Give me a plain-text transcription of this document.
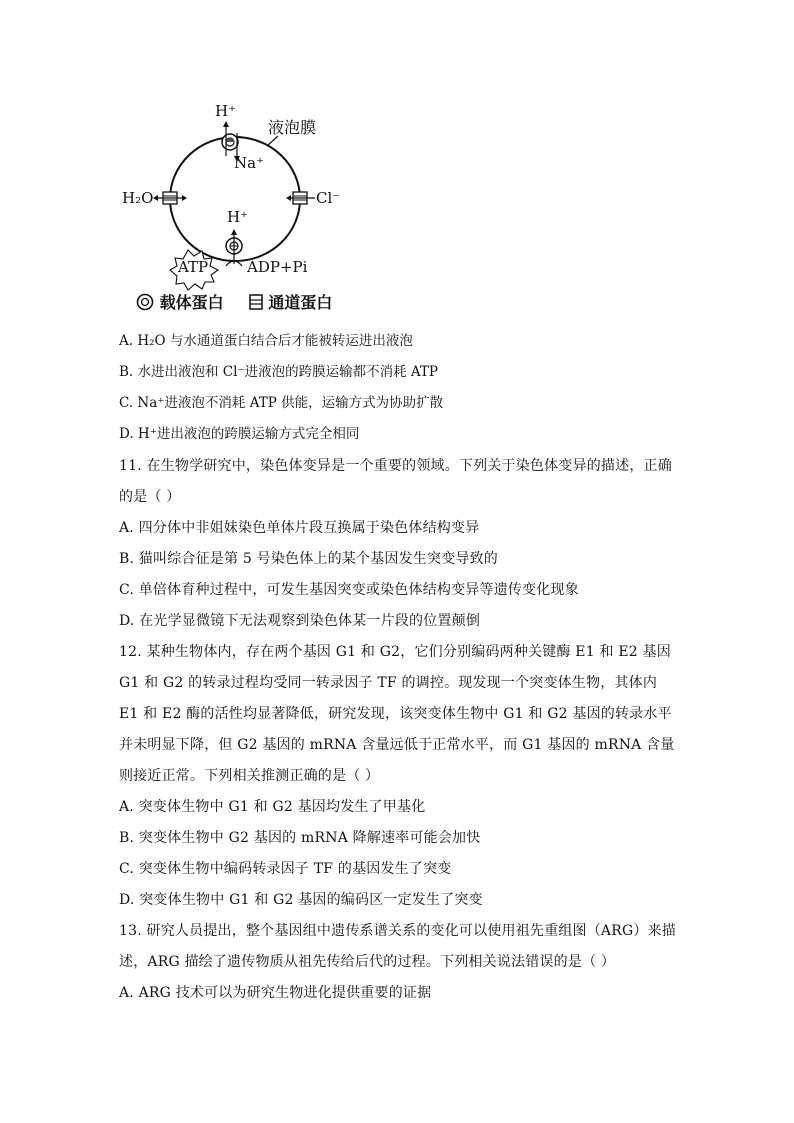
H⁺
液泡膜
Na⁺
H₂O	Cl⁻
H⁺
ATP	ADP+Pi
载体蛋白	通道蛋白
A. H₂O 与水通道蛋白结合后才能被转运进出液泡
B. 水进出液泡和 Cl⁻进液泡的跨膜运输都不消耗 ATP
C. Na⁺进液泡不消耗 ATP 供能，运输方式为协助扩散
D. H⁺进出液泡的跨膜运输方式完全相同
11. 在生物学研究中，染色体变异是一个重要的领域。下列关于染色体变异的描述，正确
的是（ ）
A. 四分体中非姐妹染色单体片段互换属于染色体结构变异
B. 猫叫综合征是第 5 号染色体上的某个基因发生突变导致的
C. 单倍体育种过程中，可发生基因突变或染色体结构变异等遗传变化现象
D. 在光学显微镜下无法观察到染色体某一片段的位置颠倒
12. 某种生物体内，存在两个基因 G1 和 G2，它们分别编码两种关键酶 E1 和 E2 基因
G1 和 G2 的转录过程均受同一转录因子 TF 的调控。现发现一个突变体生物，其体内
E1 和 E2 酶的活性均显著降低，研究发现，该突变体生物中 G1 和 G2 基因的转录水平
并未明显下降，但 G2 基因的 mRNA 含量远低于正常水平，而 G1 基因的 mRNA 含量
则接近正常。下列相关推测正确的是（ ）
A. 突变体生物中 G1 和 G2 基因均发生了甲基化
B. 突变体生物中 G2 基因的 mRNA 降解速率可能会加快
C. 突变体生物中编码转录因子 TF 的基因发生了突变
D. 突变体生物中 G1 和 G2 基因的编码区一定发生了突变
13. 研究人员提出，整个基因组中遗传系谱关系的变化可以使用祖先重组图（ARG）来描
述，ARG 描绘了遗传物质从祖先传给后代的过程。下列相关说法错误的是（ ）
A. ARG 技术可以为研究生物进化提供重要的证据
